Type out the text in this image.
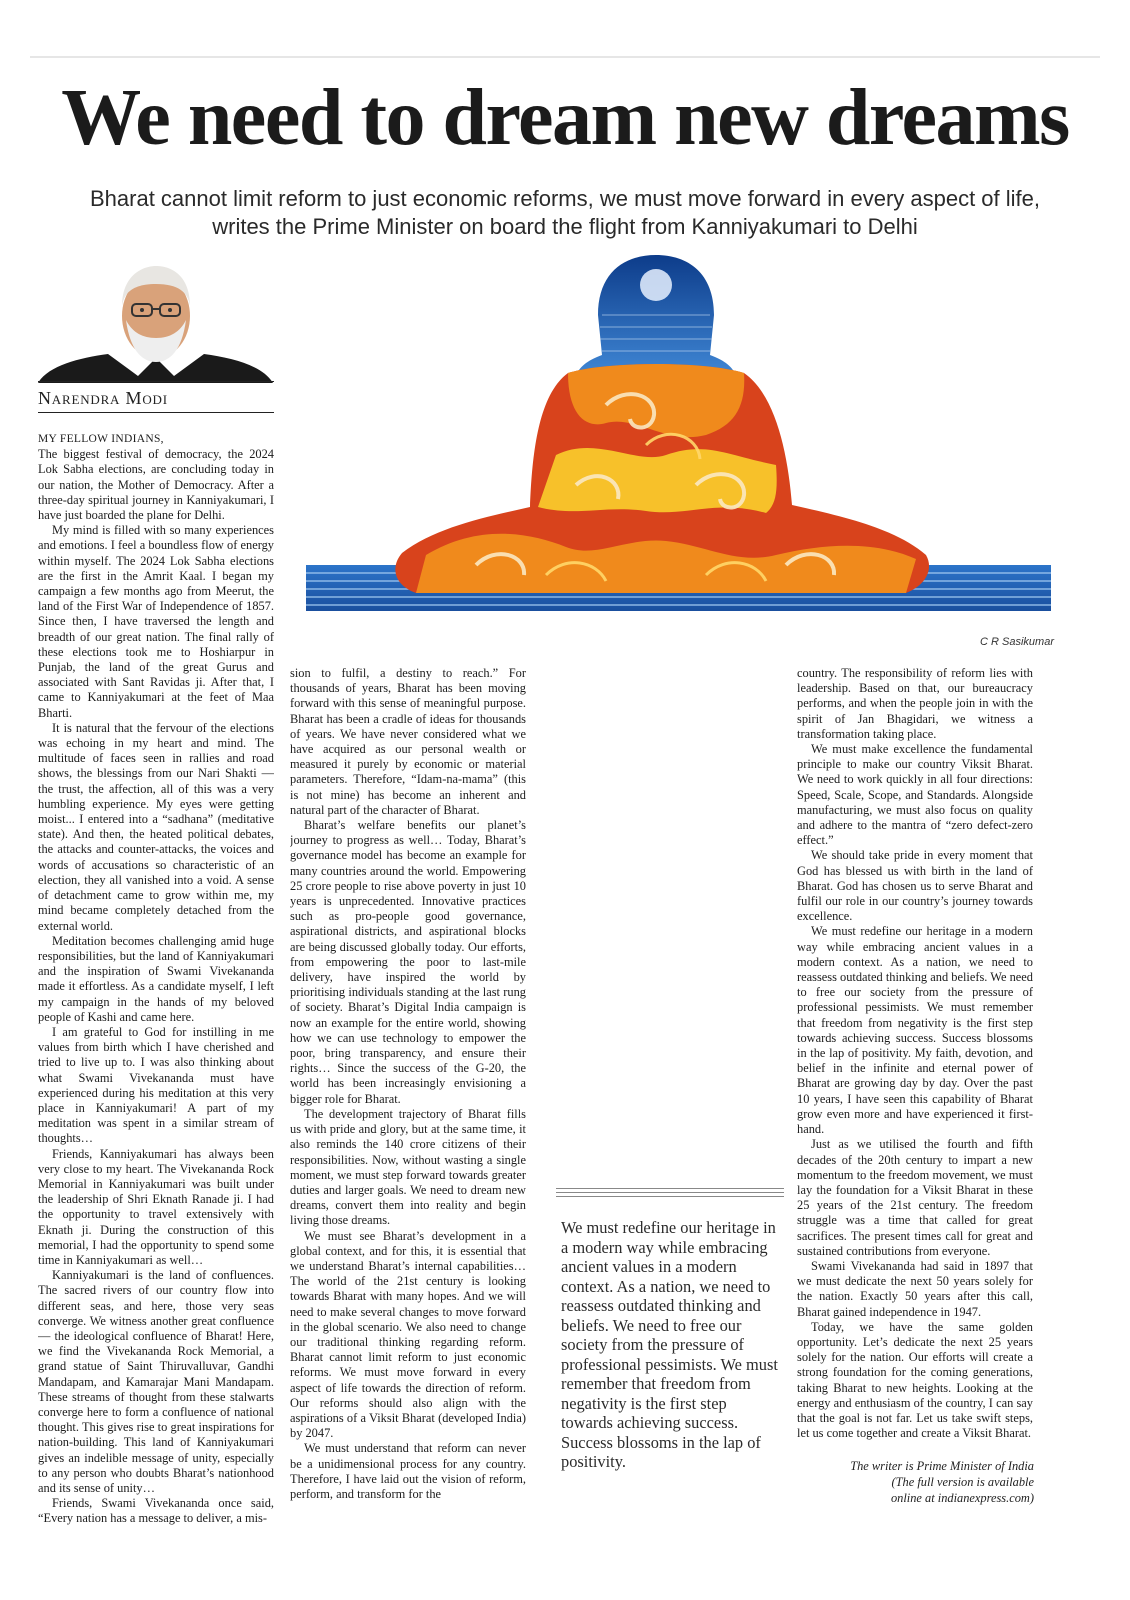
We need to dream new dreams
Bharat cannot limit reform to just economic reforms, we must move forward in every aspect of life,
writes the Prime Minister on board the flight from Kanniyakumari to Delhi
Narendra Modi
C R Sasikumar

MY FELLOW INDIANS,

The biggest festival of democracy, the 2024 Lok Sabha elections, are concluding today in our nation, the Mother of Democracy. After a three-day spiritual journey in Kanniyakumari, I have just boarded the plane for Delhi.

My mind is filled with so many experiences and emotions. I feel a boundless flow of energy within myself. The 2024 Lok Sabha elections are the first in the Amrit Kaal. I began my campaign a few months ago from Meerut, the land of the First War of Independence of 1857. Since then, I have traversed the length and breadth of our great nation. The final rally of these elections took me to Hoshiarpur in Punjab, the land of the great Gurus and associated with Sant Ravidas ji. After that, I came to Kanniyakumari at the feet of Maa Bharti.

It is natural that the fervour of the elections was echoing in my heart and mind. The multitude of faces seen in rallies and road shows, the blessings from our Nari Shakti — the trust, the affection, all of this was a very humbling experience. My eyes were getting moist... I entered into a “sadhana” (meditative state). And then, the heated political debates, the attacks and counter-attacks, the voices and words of accusations so characteristic of an election, they all vanished into a void. A sense of detachment came to grow within me, my mind became completely detached from the external world.

Meditation becomes challenging amid huge responsibilities, but the land of Kanniyakumari and the inspiration of Swami Vivekananda made it effortless. As a candidate myself, I left my campaign in the hands of my beloved people of Kashi and came here.

I am grateful to God for instilling in me values from birth which I have cherished and tried to live up to. I was also thinking about what Swami Vivekananda must have experienced during his meditation at this very place in Kanniyakumari! A part of my meditation was spent in a similar stream of thoughts…

Friends, Kanniyakumari has always been very close to my heart. The Vivekananda Rock Memorial in Kanniyakumari was built under the leadership of Shri Eknath Ranade ji. I had the opportunity to travel extensively with Eknath ji. During the construction of this memorial, I had the opportunity to spend some time in Kanniyakumari as well…

Kanniyakumari is the land of confluences. The sacred rivers of our country flow into different seas, and here, those very seas converge. We witness another great confluence — the ideological confluence of Bharat! Here, we find the Vivekananda Rock Memorial, a grand statue of Saint Thiruvalluvar, Gandhi Mandapam, and Kamarajar Mani Mandapam. These streams of thought from these stalwarts converge here to form a confluence of national thought. This gives rise to great inspirations for nation-building. This land of Kanniyakumari gives an indelible message of unity, especially to any person who doubts Bharat’s nationhood and its sense of unity…

Friends, Swami Vivekananda once said, “Every nation has a message to deliver, a mis-

sion to fulfil, a destiny to reach.” For thousands of years, Bharat has been moving forward with this sense of meaningful purpose. Bharat has been a cradle of ideas for thousands of years. We have never considered what we have acquired as our personal wealth or measured it purely by economic or material parameters. Therefore, “Idam-na-mama” (this is not mine) has become an inherent and natural part of the character of Bharat.

Bharat’s welfare benefits our planet’s journey to progress as well… Today, Bharat’s governance model has become an example for many countries around the world. Empowering 25 crore people to rise above poverty in just 10 years is unprecedented. Innovative practices such as pro-people good governance, aspirational districts, and aspirational blocks are being discussed globally today. Our efforts, from empowering the poor to last-mile delivery, have inspired the world by prioritising individuals standing at the last rung of society. Bharat’s Digital India campaign is now an example for the entire world, showing how we can use technology to empower the poor, bring transparency, and ensure their rights… Since the success of the G-20, the world has been increasingly envisioning a bigger role for Bharat.

The development trajectory of Bharat fills us with pride and glory, but at the same time, it also reminds the 140 crore citizens of their responsibilities. Now, without wasting a single moment, we must step forward towards greater duties and larger goals. We need to dream new dreams, convert them into reality and begin living those dreams.

We must see Bharat’s development in a global context, and for this, it is essential that we understand Bharat’s internal capabilities… The world of the 21st century is looking towards Bharat with many hopes. And we will need to make several changes to move forward in the global scenario. We also need to change our traditional thinking regarding reform. Bharat cannot limit reform to just economic reforms. We must move forward in every aspect of life towards the direction of reform. Our reforms should also align with the aspirations of a Viksit Bharat (developed India) by 2047.

We must understand that reform can never be a unidimensional process for any country. Therefore, I have laid out the vision of reform, perform, and transform for the

We must redefine our heritage in a modern way while embracing ancient values in a modern context. As a nation, we need to reassess outdated thinking and beliefs. We need to free our society from the pressure of professional pessimists. We must remember that freedom from negativity is the first step towards achieving success. Success blossoms in the lap of positivity.

country. The responsibility of reform lies with leadership. Based on that, our bureaucracy performs, and when the people join in with the spirit of Jan Bhagidari, we witness a transformation taking place.

We must make excellence the fundamental principle to make our country Viksit Bharat. We need to work quickly in all four directions: Speed, Scale, Scope, and Standards. Alongside manufacturing, we must also focus on quality and adhere to the mantra of “zero defect-zero effect.”

We should take pride in every moment that God has blessed us with birth in the land of Bharat. God has chosen us to serve Bharat and fulfil our role in our country’s journey towards excellence.

We must redefine our heritage in a modern way while embracing ancient values in a modern context. As a nation, we need to reassess outdated thinking and beliefs. We need to free our society from the pressure of professional pessimists. We must remember that freedom from negativity is the first step towards achieving success. Success blossoms in the lap of positivity. My faith, devotion, and belief in the infinite and eternal power of Bharat are growing day by day. Over the past 10 years, I have seen this capability of Bharat grow even more and have experienced it first-hand.

Just as we utilised the fourth and fifth decades of the 20th century to impart a new momentum to the freedom movement, we must lay the foundation for a Viksit Bharat in these 25 years of the 21st century. The freedom struggle was a time that called for great sacrifices. The present times call for great and sustained contributions from everyone.

Swami Vivekananda had said in 1897 that we must dedicate the next 50 years solely for the nation. Exactly 50 years after this call, Bharat gained independence in 1947.

Today, we have the same golden opportunity. Let’s dedicate the next 25 years solely for the nation. Our efforts will create a strong foundation for the coming generations, taking Bharat to new heights. Looking at the energy and enthusiasm of the country, I can say that the goal is not far. Let us take swift steps, let us come together and create a Viksit Bharat.

The writer is Prime Minister of India
(The full version is available
online at indianexpress.com)
